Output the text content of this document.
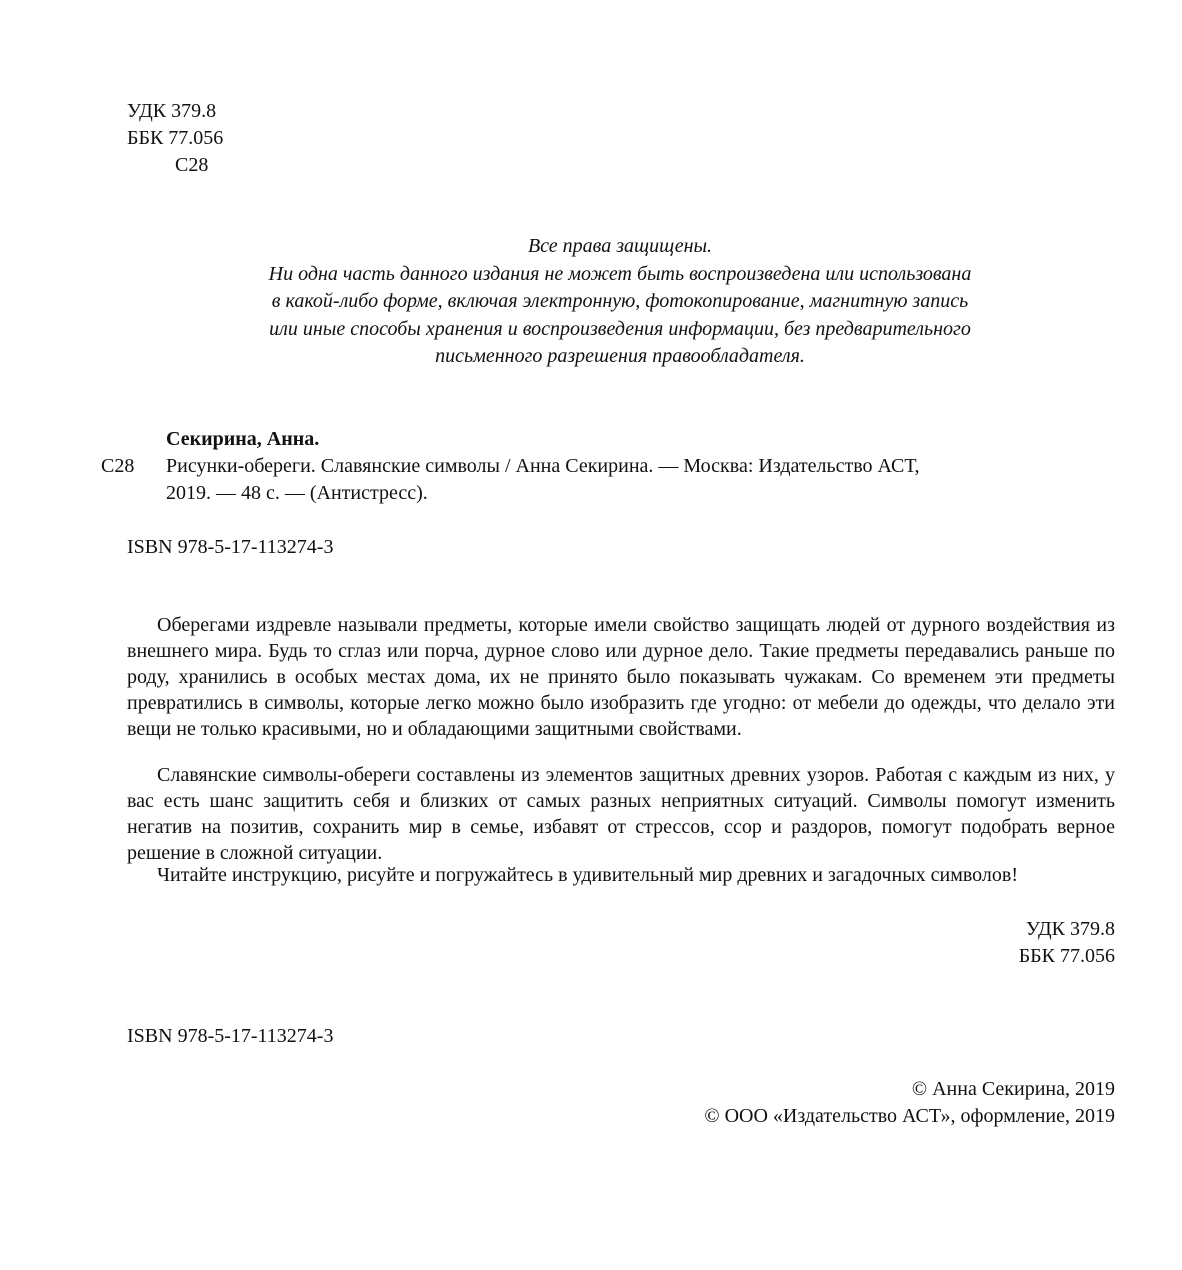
УДК 379.8
ББК 77.056
С28
Все права защищены.
Ни одна часть данного издания не может быть воспроизведена или использована
в какой-либо форме, включая электронную, фотокопирование, магнитную запись
или иные способы хранения и воспроизведения информации, без предварительного
письменного разрешения правообладателя.
Секирина, Анна.
С28 Рисунки-обереги. Славянские символы / Анна Секирина. — Москва: Издательство АСТ,
2019. — 48 с. — (Антистресс).
ISBN 978-5-17-113274-3
Оберегами издревле называли предметы, которые имели свойство защищать людей от дурного воздействия из внешнего мира. Будь то сглаз или порча, дурное слово или дурное дело. Такие предметы передавались раньше по роду, хранились в особых местах дома, их не принято было показывать чужакам. Со временем эти предметы превратились в символы, которые легко можно было изобразить где угодно: от мебели до одежды, что делало эти вещи не только красивыми, но и обладающими защитными свойствами.
Славянские символы-обереги составлены из элементов защитных древних узоров. Работая с каждым из них, у вас есть шанс защитить себя и близких от самых разных неприятных ситуаций. Символы помогут изменить негатив на позитив, сохранить мир в семье, избавят от стрессов, ссор и раздоров, помогут подобрать верное решение в сложной ситуации.
Читайте инструкцию, рисуйте и погружайтесь в удивительный мир древних и загадочных символов!
УДК 379.8
ББК 77.056
ISBN 978-5-17-113274-3
© Анна Секирина, 2019
© ООО «Издательство АСТ», оформление, 2019
